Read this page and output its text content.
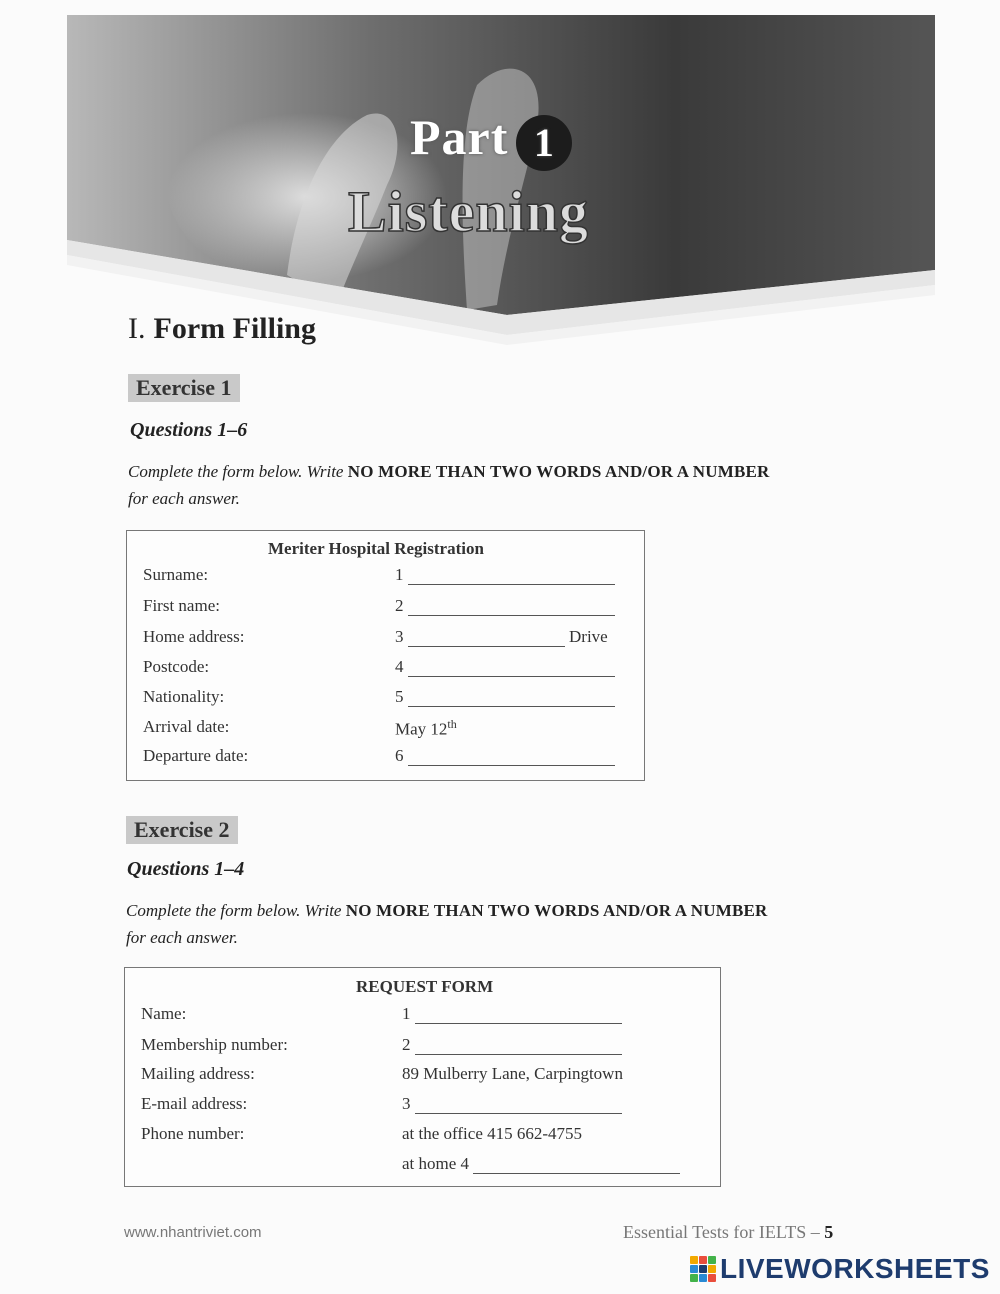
Part 1
Listening
I. Form Filling
Exercise 1
Questions 1–6
Complete the form below. Write NO MORE THAN TWO WORDS AND/OR A NUMBER
for each answer.
Meriter Hospital Registration
Surname:	1
First name:	2
Home address:	3	Drive
Postcode:	4
Nationality:	5
Arrival date:	May 12th
Departure date:	6
Exercise 2
Questions 1–4
Complete the form below. Write NO MORE THAN TWO WORDS AND/OR A NUMBER
for each answer.
REQUEST FORM
Name:	1
Membership number:	2
Mailing address:	89 Mulberry Lane, Carpingtown
E-mail address:	3
Phone number:	at the office 415 662-4755
at home 4
www.nhantriviet.com	Essential Tests for IELTS – 5
LIVEWORKSHEETS
